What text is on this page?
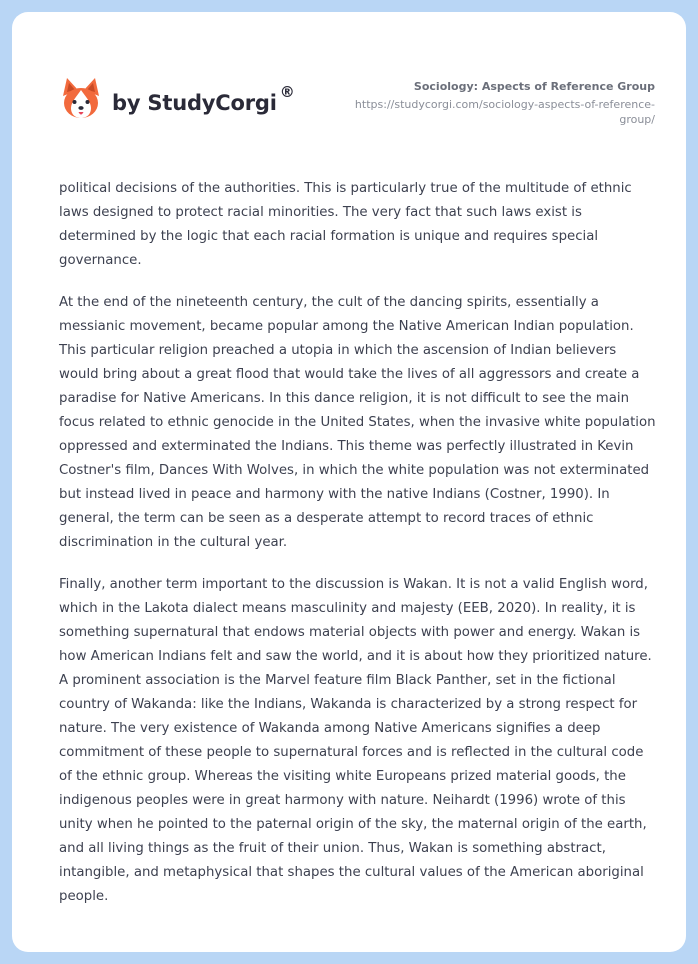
by StudyCorgi ®	Sociology: Aspects of Reference Group
https://studycorgi.com/sociology-aspects-of-reference-group/

political decisions of the authorities. This is particularly true of the multitude of ethnic laws designed to protect racial minorities. The very fact that such laws exist is determined by the logic that each racial formation is unique and requires special governance.

At the end of the nineteenth century, the cult of the dancing spirits, essentially a messianic movement, became popular among the Native American Indian population. This particular religion preached a utopia in which the ascension of Indian believers would bring about a great flood that would take the lives of all aggressors and create a paradise for Native Americans. In this dance religion, it is not difficult to see the main focus related to ethnic genocide in the United States, when the invasive white population oppressed and exterminated the Indians. This theme was perfectly illustrated in Kevin Costner's film, Dances With Wolves, in which the white population was not exterminated but instead lived in peace and harmony with the native Indians (Costner, 1990). In general, the term can be seen as a desperate attempt to record traces of ethnic discrimination in the cultural year.

Finally, another term important to the discussion is Wakan. It is not a valid English word, which in the Lakota dialect means masculinity and majesty (EEB, 2020). In reality, it is something supernatural that endows material objects with power and energy. Wakan is how American Indians felt and saw the world, and it is about how they prioritized nature. A prominent association is the Marvel feature film Black Panther, set in the fictional country of Wakanda: like the Indians, Wakanda is characterized by a strong respect for nature. The very existence of Wakanda among Native Americans signifies a deep commitment of these people to supernatural forces and is reflected in the cultural code of the ethnic group. Whereas the visiting white Europeans prized material goods, the indigenous peoples were in great harmony with nature. Neihardt (1996) wrote of this unity when he pointed to the paternal origin of the sky, the maternal origin of the earth, and all living things as the fruit of their union. Thus, Wakan is something abstract, intangible, and metaphysical that shapes the cultural values of the American aboriginal people.
